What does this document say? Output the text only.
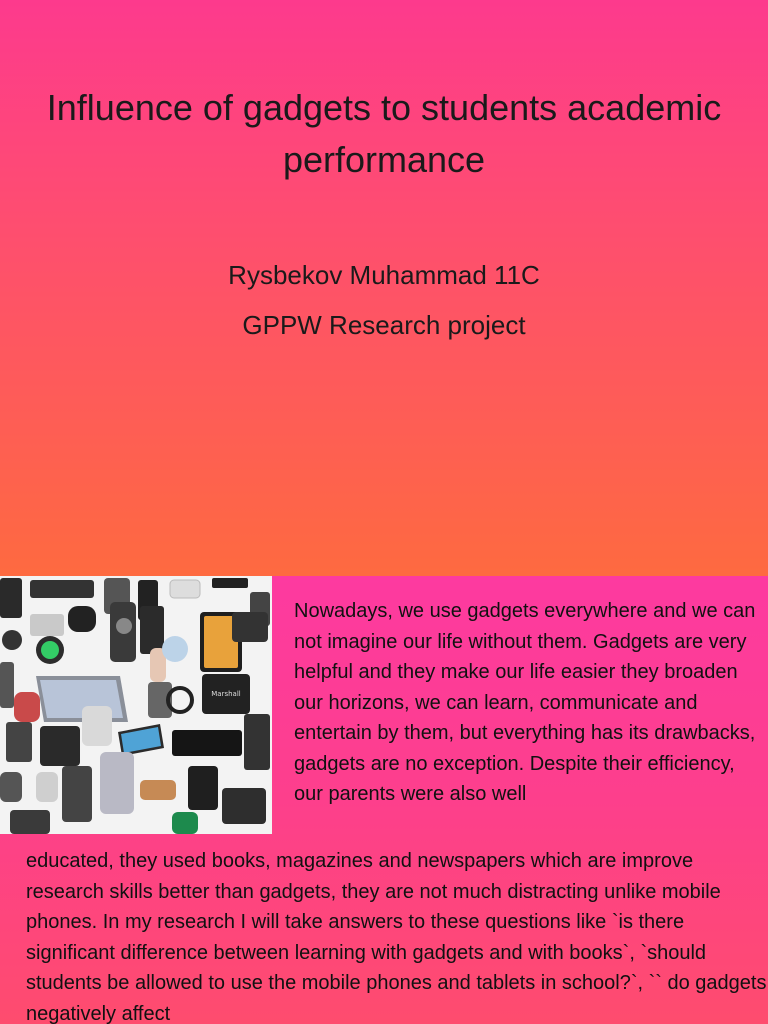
Influence of gadgets to students academic performance
Rysbekov Muhammad 11C
GPPW Research project
Marshall

Nowadays, we use gadgets everywhere and we can not imagine our life without them. Gadgets are very helpful and they make our life easier they broaden our horizons, we can learn, communicate and entertain by them, but everything has its drawbacks, gadgets are no exception. Despite their efficiency, our parents were also well

educated, they used books, magazines and newspapers which are improve research skills better than gadgets, they are not much distracting unlike mobile phones. In my research I will take answers to these questions like `is there significant difference between learning with gadgets and with books`, `should students be allowed to use the mobile phones and tablets in school?`, `` do gadgets negatively affect
